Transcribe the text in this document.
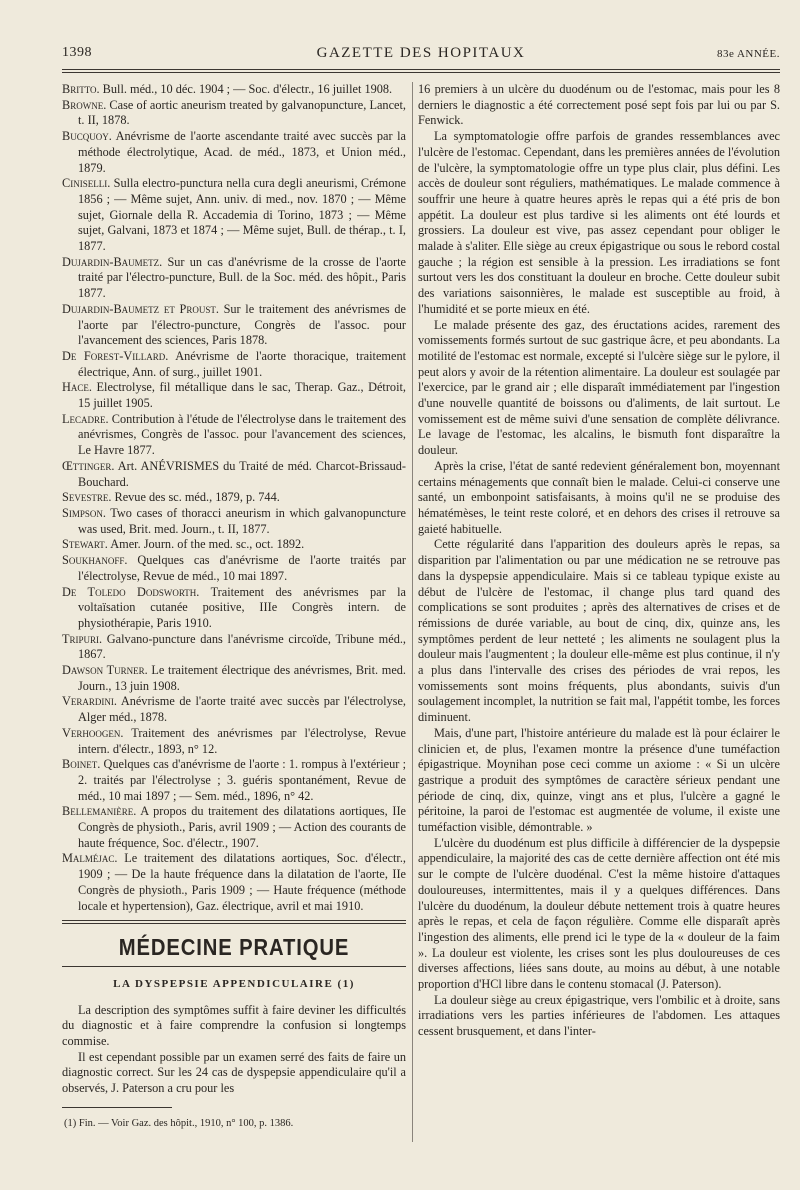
1398	GAZETTE DES HOPITAUX	83e ANNÉE.

Britto. Bull. méd., 10 déc. 1904 ; — Soc. d'électr., 16 juillet 1908.

Browne. Case of aortic aneurism treated by galvanopuncture, Lancet, t. II, 1878.

Bucquoy. Anévrisme de l'aorte ascendante traité avec succès par la méthode électrolytique, Acad. de méd., 1873, et Union méd., 1879.

Ciniselli. Sulla electro-punctura nella cura degli aneurismi, Crémone 1856 ; — Même sujet, Ann. univ. di med., nov. 1870 ; — Même sujet, Giornale della R. Accademia di Torino, 1873 ; — Même sujet, Galvani, 1873 et 1874 ; — Même sujet, Bull. de thérap., t. I, 1877.

Dujardin-Baumetz. Sur un cas d'anévrisme de la crosse de l'aorte traité par l'électro-puncture, Bull. de la Soc. méd. des hôpit., Paris 1877.

Dujardin-Baumetz et Proust. Sur le traitement des anévrismes de l'aorte par l'électro-puncture, Congrès de l'assoc. pour l'avancement des sciences, Paris 1878.

De Forest-Villard. Anévrisme de l'aorte thoracique, traitement électrique, Ann. of surg., juillet 1901.

Hace. Electrolyse, fil métallique dans le sac, Therap. Gaz., Détroit, 15 juillet 1905.

Lecadre. Contribution à l'étude de l'électrolyse dans le traitement des anévrismes, Congrès de l'assoc. pour l'avancement des sciences, Le Havre 1877.

Œttinger. Art. ANÉVRISMES du Traité de méd. Charcot-Brissaud-Bouchard.

Sevestre. Revue des sc. méd., 1879, p. 744.

Simpson. Two cases of thoracci aneurism in which galvanopuncture was used, Brit. med. Journ., t. II, 1877.

Stewart. Amer. Journ. of the med. sc., oct. 1892.

Soukhanoff. Quelques cas d'anévrisme de l'aorte traités par l'électrolyse, Revue de méd., 10 mai 1897.

De Toledo Dodsworth. Traitement des anévrismes par la voltaïsation cutanée positive, IIIe Congrès intern. de physiothérapie, Paris 1910.

Tripuri. Galvano-puncture dans l'anévrisme circoïde, Tribune méd., 1867.

Dawson Turner. Le traitement électrique des anévrismes, Brit. med. Journ., 13 juin 1908.

Verardini. Anévrisme de l'aorte traité avec succès par l'électrolyse, Alger méd., 1878.

Verhoogen. Traitement des anévrismes par l'électrolyse, Revue intern. d'électr., 1893, n° 12.

Boinet. Quelques cas d'anévrisme de l'aorte : 1. rompus à l'extérieur ; 2. traités par l'électrolyse ; 3. guéris spontanément, Revue de méd., 10 mai 1897 ; — Sem. méd., 1896, n° 42.

Bellemanière. A propos du traitement des dilatations aortiques, IIe Congrès de physioth., Paris, avril 1909 ; — Action des courants de haute fréquence, Soc. d'électr., 1907.

Malméjac. Le traitement des dilatations aortiques, Soc. d'électr., 1909 ; — De la haute fréquence dans la dilatation de l'aorte, IIe Congrès de physioth., Paris 1909 ; — Haute fréquence (méthode locale et hypertension), Gaz. électrique, avril et mai 1910.

MÉDECINE PRATIQUE
LA DYSPEPSIE APPENDICULAIRE (1)

La description des symptômes suffit à faire deviner les difficultés du diagnostic et à faire comprendre la confusion si longtemps commise.

Il est cependant possible par un examen serré des faits de faire un diagnostic correct. Sur les 24 cas de dyspepsie appendiculaire qu'il a observés, J. Paterson a cru pour les

(1) Fin. — Voir Gaz. des hôpit., 1910, n° 100, p. 1386.

16 premiers à un ulcère du duodénum ou de l'estomac, mais pour les 8 derniers le diagnostic a été correctement posé sept fois par lui ou par S. Fenwick.

La symptomatologie offre parfois de grandes ressemblances avec l'ulcère de l'estomac. Cependant, dans les premières années de l'évolution de l'ulcère, la symptomatologie offre un type plus clair, plus défini. Les accès de douleur sont réguliers, mathématiques. Le malade commence à souffrir une heure à quatre heures après le repas qui a été pris de bon appétit. La douleur est plus tardive si les aliments ont été lourds et grossiers. La douleur est vive, pas assez cependant pour obliger le malade à s'aliter. Elle siège au creux épigastrique ou sous le rebord costal gauche ; la région est sensible à la pression. Les irradiations se font surtout vers les dos constituant la douleur en broche. Cette douleur subit des variations saisonnières, le malade est susceptible au froid, à l'humidité et se porte mieux en été.

Le malade présente des gaz, des éructations acides, rarement des vomissements formés surtout de suc gastrique âcre, et peu abondants. La motilité de l'estomac est normale, excepté si l'ulcère siège sur le pylore, il peut alors y avoir de la rétention alimentaire. La douleur est soulagée par l'exercice, par le grand air ; elle disparaît immédiatement par l'ingestion d'une nouvelle quantité de boissons ou d'aliments, de lait surtout. Le vomissement est de même suivi d'une sensation de complète délivrance. Le lavage de l'estomac, les alcalins, le bismuth font disparaître la douleur.

Après la crise, l'état de santé redevient généralement bon, moyennant certains ménagements que connaît bien le malade. Celui-ci conserve une santé, un embonpoint satisfaisants, à moins qu'il ne se produise des hématémèses, le teint reste coloré, et en dehors des crises il retrouve sa gaieté habituelle.

Cette régularité dans l'apparition des douleurs après le repas, sa disparition par l'alimentation ou par une médication ne se retrouve pas dans la dyspepsie appendiculaire. Mais si ce tableau typique existe au début de l'ulcère de l'estomac, il change plus tard quand des complications se sont produites ; après des alternatives de crises et de rémissions de durée variable, au bout de cinq, dix, quinze ans, les symptômes perdent de leur netteté ; les aliments ne soulagent plus la douleur mais l'augmentent ; la douleur elle-même est plus continue, il n'y a plus dans l'intervalle des crises des périodes de vrai repos, les vomissements sont moins fréquents, plus abondants, suivis d'un soulagement incomplet, la nutrition se fait mal, l'appétit tombe, les forces diminuent.

Mais, d'une part, l'histoire antérieure du malade est là pour éclairer le clinicien et, de plus, l'examen montre la présence d'une tuméfaction épigastrique. Moynihan pose ceci comme un axiome : « Si un ulcère gastrique a produit des symptômes de caractère sérieux pendant une période de cinq, dix, quinze, vingt ans et plus, l'ulcère a gagné le péritoine, la paroi de l'estomac est augmentée de volume, il existe une tuméfaction visible, démontrable. »

L'ulcère du duodénum est plus difficile à différencier de la dyspepsie appendiculaire, la majorité des cas de cette dernière affection ont été mis sur le compte de l'ulcère duodénal. C'est la même histoire d'attaques douloureuses, intermittentes, mais il y a quelques différences. Dans l'ulcère du duodénum, la douleur débute nettement trois à quatre heures après le repas, et cela de façon régulière. Comme elle disparaît après l'ingestion des aliments, elle prend ici le type de la « douleur de la faim ». La douleur est violente, les crises sont les plus douloureuses de ces diverses affections, liées sans doute, au moins au début, à une notable proportion d'HCl libre dans le contenu stomacal (J. Paterson).

La douleur siège au creux épigastrique, vers l'ombilic et à droite, sans irradiations vers les parties inférieures de l'abdomen. Les attaques cessent brusquement, et dans l'inter-
